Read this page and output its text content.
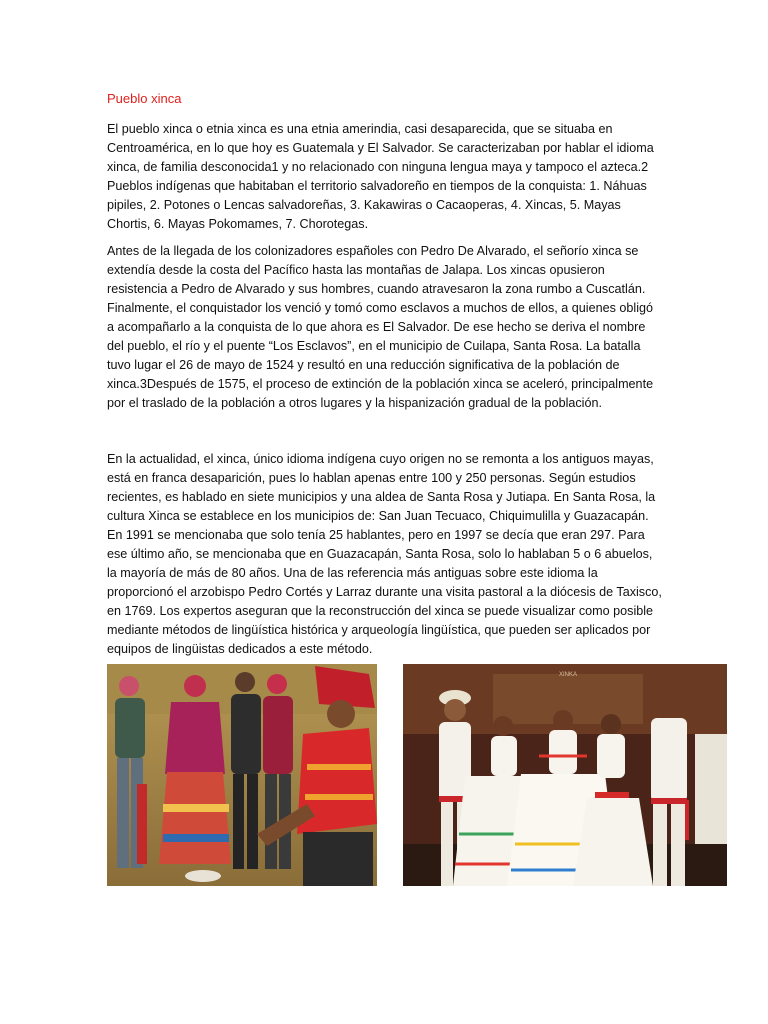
Pueblo xinca
El pueblo xinca o etnia xinca es una etnia amerindia, casi desaparecida, que se situaba en Centroamérica, en lo que hoy es Guatemala y El Salvador. Se caracterizaban por hablar el idioma xinca, de familia desconocida1 y no relacionado con ninguna lengua maya y tampoco el azteca.2 Pueblos indígenas que habitaban el territorio salvadoreño en tiempos de la conquista: 1. Náhuas pipiles, 2. Potones o Lencas salvadoreñas, 3. Kakawiras o Cacaoperas, 4. Xincas, 5. Mayas Chortis, 6. Mayas Pokomames, 7. Chorotegas.
Antes de la llegada de los colonizadores españoles con Pedro De Alvarado, el señorío xinca se extendía desde la costa del Pacífico hasta las montañas de Jalapa. Los xincas opusieron resistencia a Pedro de Alvarado y sus hombres, cuando atravesaron la zona rumbo a Cuscatlán. Finalmente, el conquistador los venció y tomó como esclavos a muchos de ellos, a quienes obligó a acompañarlo a la conquista de lo que ahora es El Salvador. De ese hecho se deriva el nombre del pueblo, el río y el puente “Los Esclavos”, en el municipio de Cuilapa, Santa Rosa. La batalla tuvo lugar el 26 de mayo de 1524 y resultó en una reducción significativa de la población de xinca.3Después de 1575, el proceso de extinción de la población xinca se aceleró, principalmente por el traslado de la población a otros lugares y la hispanización gradual de la población.
En la actualidad, el xinca, único idioma indígena cuyo origen no se remonta a los antiguos mayas, está en franca desaparición, pues lo hablan apenas entre 100 y 250 personas. Según estudios recientes, es hablado en siete municipios y una aldea de Santa Rosa y Jutiapa. En Santa Rosa, la cultura Xinca se establece en los municipios de: San Juan Tecuaco, Chiquimulilla y Guazacapán. En 1991 se mencionaba que solo tenía 25 hablantes, pero en 1997 se decía que eran 297. Para ese último año, se mencionaba que en Guazacapán, Santa Rosa, solo lo hablaban 5 o 6 abuelos, la mayoría de más de 80 años. Una de las referencia más antiguas sobre este idioma la proporcionó el arzobispo Pedro Cortés y Larraz durante una visita pastoral a la diócesis de Taxisco, en 1769. Los expertos aseguran que la reconstrucción del xinca se puede visualizar como posible mediante métodos de lingüística histórica y arqueología lingüística, que pueden ser aplicados por equipos de lingüistas dedicados a este método.
XINKA
